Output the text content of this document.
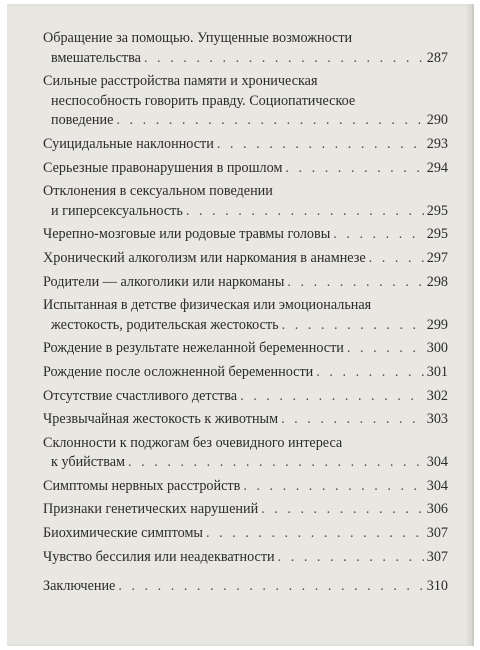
Обращение за помощью. Упущенные возможности
вмешательства . . .	287
Сильные расстройства памяти и хроническая
неспособность говорить правду. Социопатическое
поведение . . .	290
Суицидальные наклонности . . .	293
Серьезные правонарушения в прошлом . . .	294
Отклонения в сексуальном поведении
и гиперсексуальность . . .	295
Черепно-мозговые или родовые травмы головы . . .	295
Хронический алкоголизм или наркомания в анамнезе . . .	297
Родители — алкоголики или наркоманы . . .	298
Испытанная в детстве физическая или эмоциональная
жестокость, родительская жестокость . . .	299
Рождение в результате нежеланной беременности . . .	300
Рождение после осложненной беременности . . .	301
Отсутствие счастливого детства . . .	302
Чрезвычайная жестокость к животным . . .	303
Склонности к поджогам без очевидного интереса
к убийствам . . .	304
Симптомы нервных расстройств . . .	304
Признаки генетических нарушений . . .	306
Биохимические симптомы . . .	307
Чувство бессилия или неадекватности . . .	307
Заключение . . .	310
